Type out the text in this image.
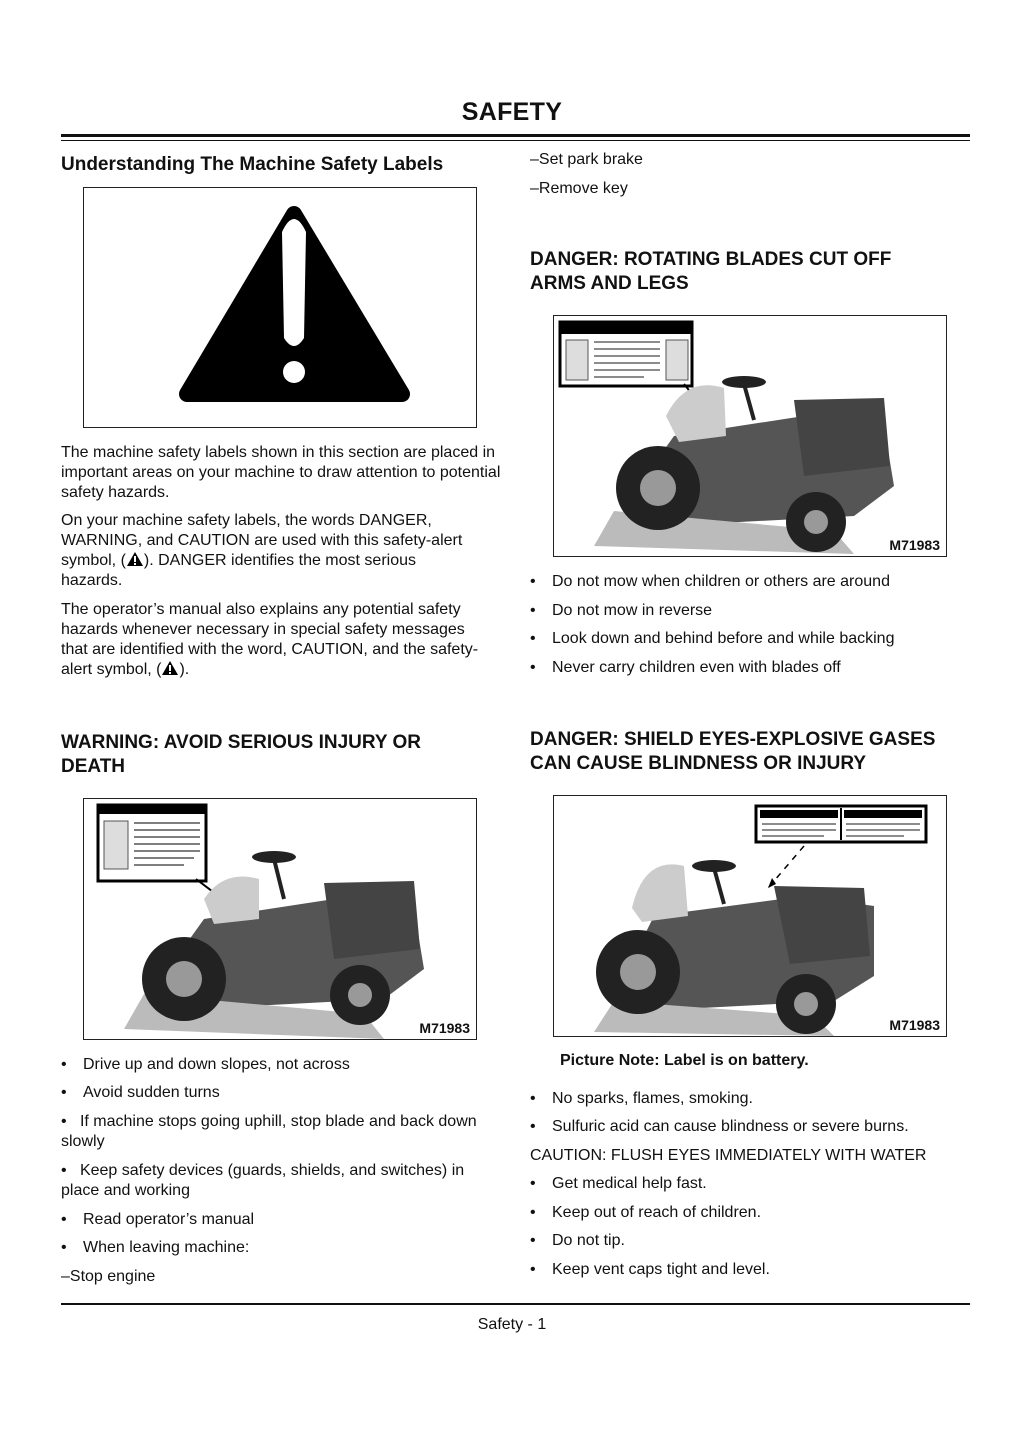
SAFETY
Understanding The Machine Safety Labels
The machine safety labels shown in this section are placed in important areas on your machine to draw attention to potential safety hazards.
On your machine safety labels, the words DANGER,
WARNING, and CAUTION are used with this safety-alert
symbol, ( ). DANGER identifies the most serious
hazards.
The operator’s manual also explains any potential safety
hazards whenever necessary in special safety messages
that are identified with the word, CAUTION, and the safety-
alert symbol, ( ).
WARNING: AVOID SERIOUS INJURY OR DEATH
M71983
• Drive up and down slopes, not across
• Avoid sudden turns
• If machine stops going uphill, stop blade and back down slowly
• Keep safety devices (guards, shields, and switches) in place and working
• Read operator’s manual
• When leaving machine:
–Stop engine
–Set park brake
–Remove key
DANGER: ROTATING BLADES CUT OFF ARMS AND LEGS
M71983
• Do not mow when children or others are around
• Do not mow in reverse
• Look down and behind before and while backing
• Never carry children even with blades off
DANGER: SHIELD EYES-EXPLOSIVE GASES CAN CAUSE BLINDNESS OR INJURY
M71983
Picture Note: Label is on battery.
• No sparks, flames, smoking.
• Sulfuric acid can cause blindness or severe burns.
CAUTION: FLUSH EYES IMMEDIATELY WITH WATER
• Get medical help fast.
• Keep out of reach of children.
• Do not tip.
• Keep vent caps tight and level.
Safety - 1
